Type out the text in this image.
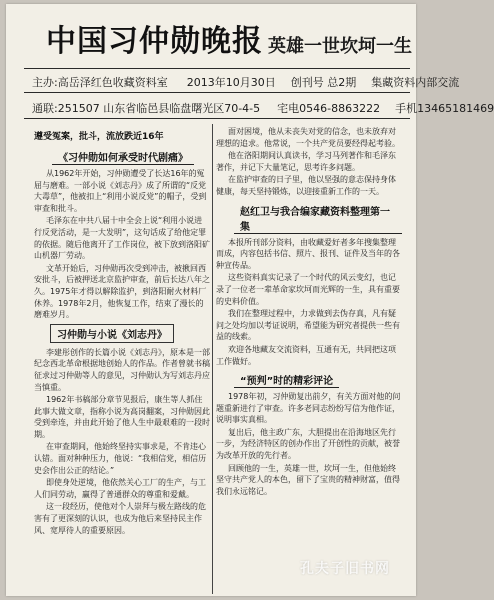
中国习仲勋晚报 英雄一世坎坷一生
主办:高岳泽红色收藏资料室 2013年10月30日 创刊号 总2期 集藏资料内部交流
通联:251507 山东省临邑县临盘曙光区70-4-5 宅电0546-8863222 手机13465181469
遵受冤案，批斗，流放跌近16年
《习仲勋如何承受时代剧痛》

从1962年开始，习仲勋遭受了长达16年的冤屈与磨难。一部小说《刘志丹》成了所谓的“反党大毒草”，他被扣上“利用小说反党”的帽子，受到审查和批斗。

毛泽东在中共八届十中全会上说“利用小说进行反党活动，是一大发明”，这句话成了给他定罪的依据。随后他离开了工作岗位，被下放到洛阳矿山机器厂劳动。

文革开始后，习仲勋再次受到冲击，被揪回西安批斗，后被押送北京监护审查，前后长达八年之久。1975年才得以解除监护，到洛阳耐火材料厂休养。1978年2月，他恢复工作，结束了漫长的磨难岁月。

习仲勋与小说《刘志丹》

李建彤创作的长篇小说《刘志丹》，原本是一部纪念西北革命根据地创始人的作品。作者曾就书稿征求过习仲勋等人的意见，习仲勋认为写刘志丹应当慎重。

1962年书稿部分章节见报后，康生等人抓住此事大做文章，指称小说为高岗翻案，习仲勋因此受到牵连，并由此开始了他人生中最艰难的一段时期。

在审查期间，他始终坚持实事求是，不肯违心认错。面对种种压力，他说：“我相信党，相信历史会作出公正的结论。”

即使身处逆境，他依然关心工厂的生产，与工人们同劳动，赢得了普通群众的尊重和爱戴。

这一段经历，使他对个人崇拜与极左路线的危害有了更深刻的认识，也成为他后来坚持民主作风、宽厚待人的重要原因。

面对困境，他从未丧失对党的信念，也未放弃对理想的追求。他常说，一个共产党员要经得起考验。

他在洛阳期间认真读书，学习马列著作和毛泽东著作，并记下大量笔记，思考许多问题。

在监护审查的日子里，他以坚强的意志保持身体健康，每天坚持锻炼，以迎接重新工作的一天。

赵红卫与我合编家藏资料整理第一集

本报所刊部分资料，由收藏爱好者多年搜集整理而成，内容包括书信、照片、报刊、证件及当年的各种宣传品。

这些资料真实记录了一个时代的风云变幻，也记录了一位老一辈革命家坎坷而光辉的一生，具有重要的史料价值。

我们在整理过程中，力求做到去伪存真，凡有疑问之处均加以考证说明，希望能为研究者提供一些有益的线索。

欢迎各地藏友交流资料，互通有无，共同把这项工作做好。

“预判”时的精彩评论

1978年初，习仲勋复出前夕，有关方面对他的问题重新进行了审查。许多老同志纷纷写信为他作证，说明事实真相。

复出后，他主政广东，大胆提出在沿海地区先行一步，为经济特区的创办作出了开创性的贡献，被誉为改革开放的先行者。

回顾他的一生，英雄一世，坎坷一生，但他始终坚守共产党人的本色，留下了宝贵的精神财富，值得我们永远铭记。

孔夫子旧书网
